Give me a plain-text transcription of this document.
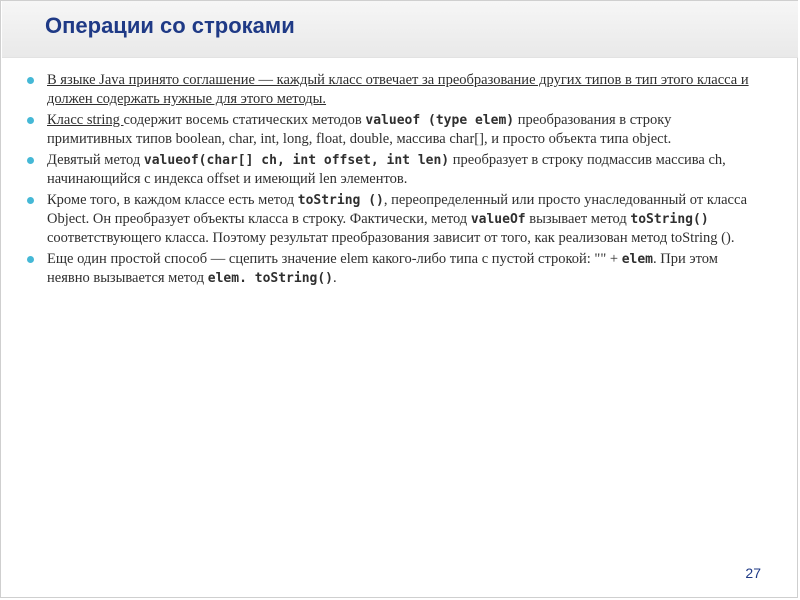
Операции со строками

В языке Java принято соглашение — каждый класс отвечает за преобразование других типов в тип этого класса и должен содержать нужные для этого методы.

Класс string содержит восемь статических методов valueof (type elem) преобразования в строку примитивных типов boolean, char, int, long, float, double, массива char[], и просто объекта типа object.

Девятый метод valueof(char[] ch, int offset, int len) преобразует в строку подмассив массива ch, начинающийся с индекса offset и имеющий len элементов.

Кроме того, в каждом классе есть метод toString (), переопределенный или просто унаследованный от класса Object. Он преобразует объекты класса в строку. Фактически, метод valueOf вызывает метод toString() соответствующего класса. Поэтому результат преобразования зависит от того, как реализован метод toString ().

Еще один простой способ — сцепить значение elem какого-либо типа с пустой строкой: "" + elem. При этом неявно вызывается метод elem. toString().

27
